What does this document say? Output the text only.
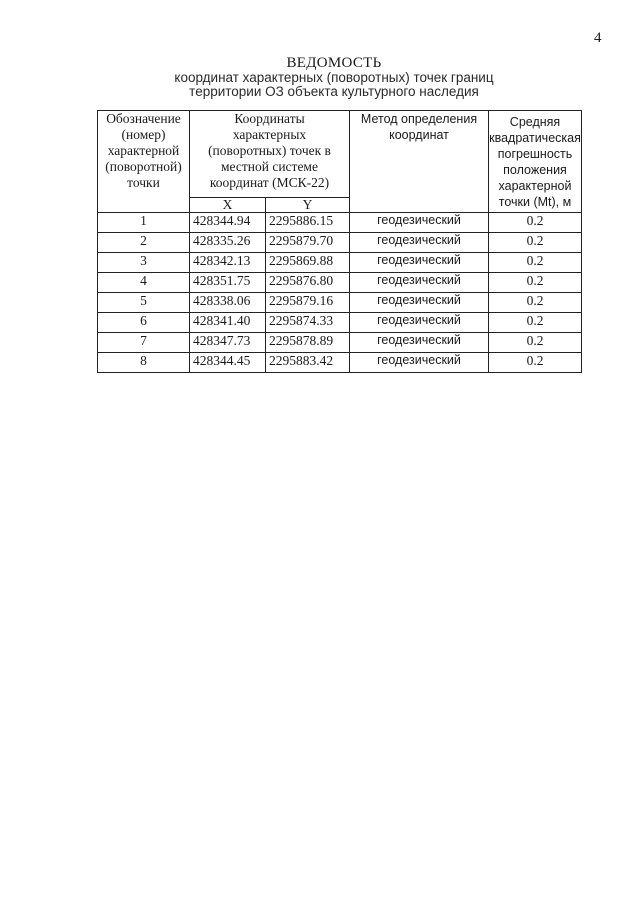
4
ВЕДОМОСТЬ
координат характерных (поворотных) точек границ
территории ОЗ объекта культурного наследия
Обозначение (номер) характерной (поворотной) точки	Координаты характерных (поворотных) точек в местной системе координат (МСК-22)		Метод определения координат	Средняя квадратическая погрешность положения характерной точки (Mt), м
	X	Y		
1	428344.94	2295886.15	геодезический	0.2
2	428335.26	2295879.70	геодезический	0.2
3	428342.13	2295869.88	геодезический	0.2
4	428351.75	2295876.80	геодезический	0.2
5	428338.06	2295879.16	геодезический	0.2
6	428341.40	2295874.33	геодезический	0.2
7	428347.73	2295878.89	геодезический	0.2
8	428344.45	2295883.42	геодезический	0.2
